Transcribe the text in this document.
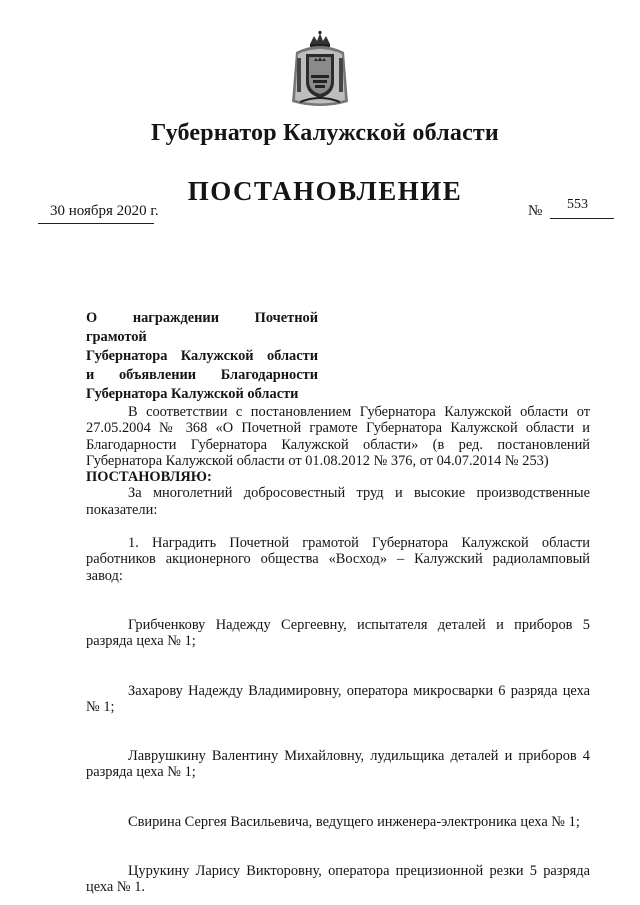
Губернатор Калужской области
ПОСТАНОВЛЕНИЕ
30 ноября 2020 г.	№ 553
О награждении Почетной грамотой
Губернатора Калужской области
и объявлении Благодарности
Губернатора Калужской области

В соответствии с постановлением Губернатора Калужской области от 27.05.2004 № 368 «О Почетной грамоте Губернатора Калужской области и Благодарности Губернатора Калужской области» (в ред. постановлений Губернатора Калужской области от 01.08.2012 № 376, от 04.07.2014 № 253)

ПОСТАНОВЛЯЮ:

За многолетний добросовестный труд и высокие производственные показатели:

1. Наградить Почетной грамотой Губернатора Калужской области работников акционерного общества «Восход» – Калужский радиоламповый завод:

Грибченкову Надежду Сергеевну, испытателя деталей и приборов 5 разряда цеха № 1;

Захарову Надежду Владимировну, оператора микросварки 6 разряда цеха № 1;

Лаврушкину Валентину Михайловну, лудильщика деталей и приборов 4 разряда цеха № 1;

Свирина Сергея Васильевича, ведущего инженера-электроника цеха № 1;

Цурукину Ларису Викторовну, оператора прецизионной резки 5 разряда цеха № 1.
